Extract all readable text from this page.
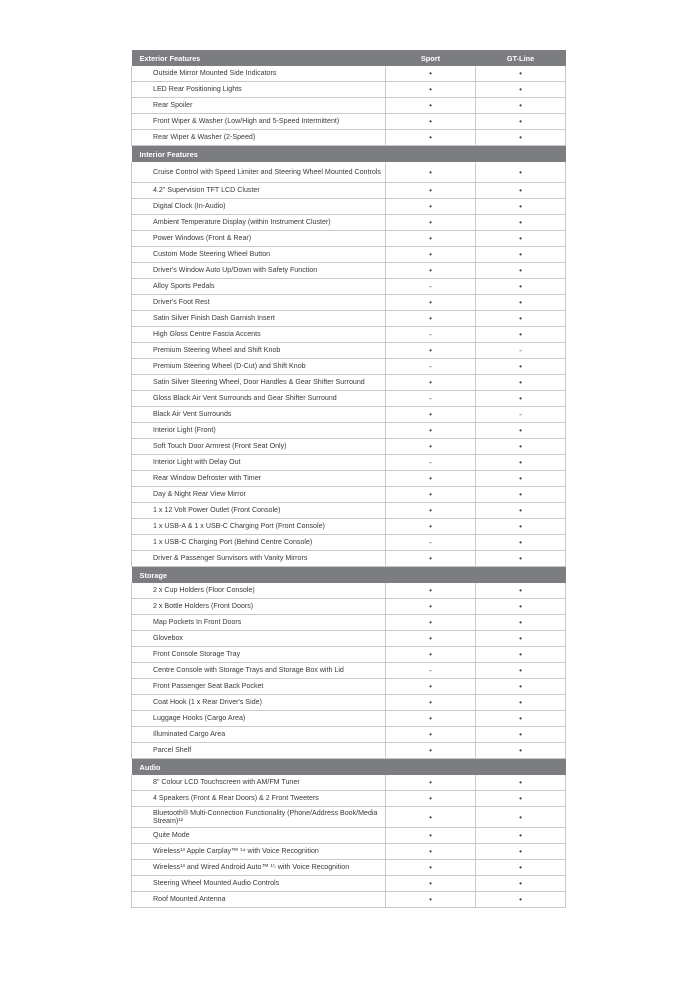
Exterior Features	Sport	GT-Line
Outside Mirror Mounted Side Indicators	•	•
LED Rear Positioning Lights	•	•
Rear Spoiler	•	•
Front Wiper & Washer (Low/High and 5-Speed Intermittent)	•	•
Rear Wiper & Washer (2-Speed)	•	•
Interior Features		
Cruise Control with Speed Limiter and Steering Wheel Mounted Controls	•	•
4.2" Supervision TFT LCD Cluster	•	•
Digital Clock (In-Audio)	•	•
Ambient Temperature Display (within Instrument Cluster)	•	•
Power Windows (Front & Rear)	•	•
Custom Mode Steering Wheel Button	•	•
Driver's Window Auto Up/Down with Safety Function	•	•
Alloy Sports Pedals	-	•
Driver's Foot Rest	•	•
Satin Silver Finish Dash Garnish Insert	•	•
High Gloss Centre Fascia Accents	-	•
Premium Steering Wheel and Shift Knob	•	-
Premium Steering Wheel (D-Cut) and Shift Knob	-	•
Satin Silver Steering Wheel, Door Handles & Gear Shifter Surround	•	•
Gloss Black Air Vent Surrounds and Gear Shifter Surround	-	•
Black Air Vent Surrounds	•	-
Interior Light (Front)	•	•
Soft Touch Door Armrest (Front Seat Only)	•	•
Interior Light with Delay Out	-	•
Rear Window Defroster with Timer	•	•
Day & Night Rear View Mirror	•	•
1 x 12 Volt Power Outlet (Front Console)	•	•
1 x USB-A & 1 x USB-C Charging Port (Front Console)	•	•
1 x USB-C Charging Port (Behind Centre Console)	-	•
Driver & Passenger Sunvisors with Vanity Mirrors	•	•
Storage		
2 x Cup Holders (Floor Console)	•	•
2 x Bottle Holders (Front Doors)	•	•
Map Pockets In Front Doors	•	•
Glovebox	•	•
Front Console Storage Tray	•	•
Centre Console with Storage Trays and Storage Box with Lid	-	•
Front Passenger Seat Back Pocket	•	•
Coat Hook (1 x Rear Driver's Side)	•	•
Luggage Hooks (Cargo Area)	•	•
Illuminated Cargo Area	•	•
Parcel Shelf	•	•
Audio		
8" Colour LCD Touchscreen with AM/FM Tuner	•	•
4 Speakers (Front & Rear Doors) & 2 Front Tweeters	•	•
Bluetooth® Multi-Connection Functionality (Phone/Address Book/Media Stream)¹²	•	•
Quite Mode	•	•
Wireless¹³ Apple Carplay™ ¹⁴ with Voice Recognition	•	•
Wireless¹³ and Wired Android Auto™ ¹⁵ with Voice Recognition	•	•
Steering Wheel Mounted Audio Controls	•	•
Roof Mounted Antenna	•	•
